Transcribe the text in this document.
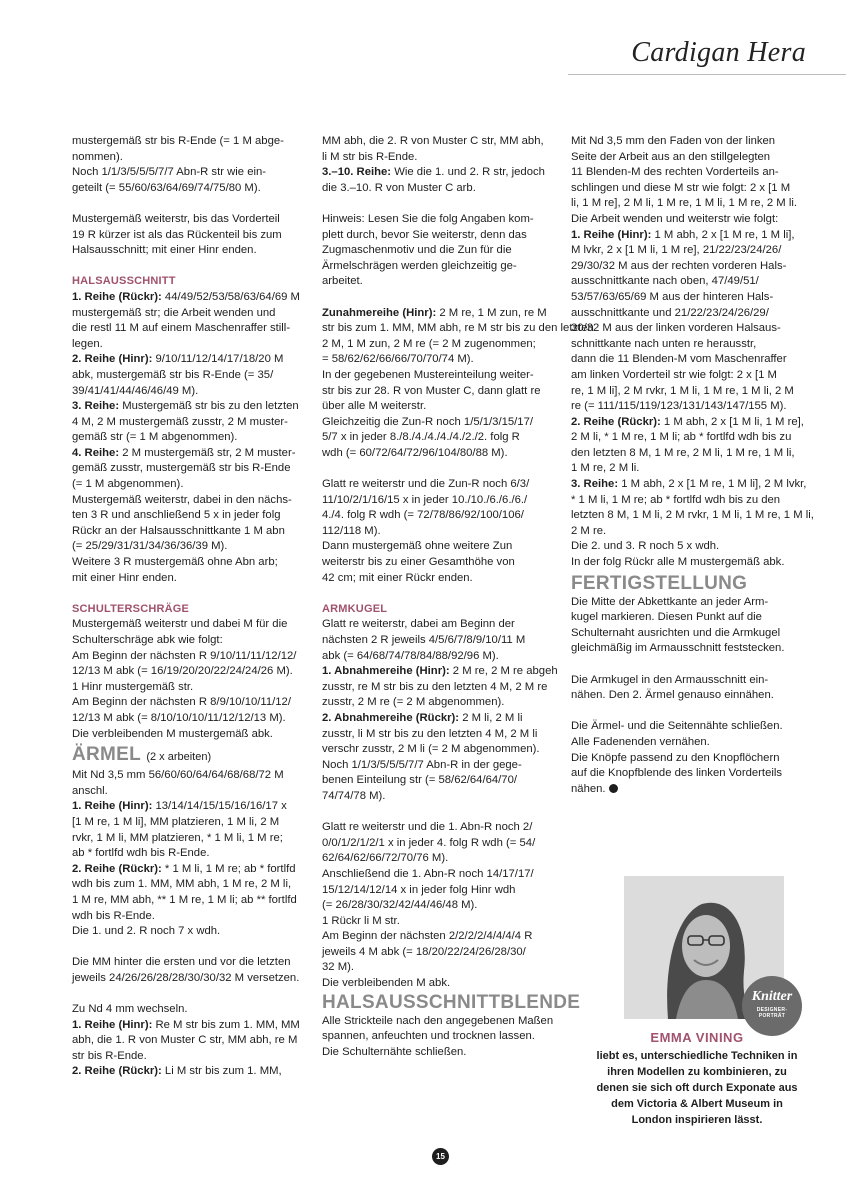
Cardigan Hera
mustergemäß str bis R-Ende (= 1 M abge-
nommen).
Noch 1/1/3/5/5/5/7/7 Abn-R str wie ein-
geteilt (= 55/60/63/64/69/74/75/80 M).
Mustergemäß weiterstr, bis das Vorderteil
19 R kürzer ist als das Rückenteil bis zum
Halsausschnitt; mit einer Hinr enden.
HALSAUSSCHNITT
1. Reihe (Rückr): 44/49/52/53/58/63/64/69 M
mustergemäß str; die Arbeit wenden und
die restl 11 M auf einem Maschenraffer still-
legen.
2. Reihe (Hinr): 9/10/11/12/14/17/18/20 M
abk, mustergemäß str bis R-Ende (= 35/
39/41/41/44/46/46/49 M).
3. Reihe: Mustergemäß str bis zu den letzten
4 M, 2 M mustergemäß zusstr, 2 M muster-
gemäß str (= 1 M abgenommen).
4. Reihe: 2 M mustergemäß str, 2 M muster-
gemäß zusstr, mustergemäß str bis R-Ende
(= 1 M abgenommen).
Mustergemäß weiterstr, dabei in den nächs-
ten 3 R und anschließend 5 x in jeder folg
Rückr an der Halsausschnittkante 1 M abn
(= 25/29/31/31/34/36/36/39 M).
Weitere 3 R mustergemäß ohne Abn arb;
mit einer Hinr enden.
SCHULTERSCHRÄGE
Mustergemäß weiterstr und dabei M für die
Schulterschräge abk wie folgt:
Am Beginn der nächsten R 9/10/11/11/12/12/
12/13 M abk (= 16/19/20/20/22/24/24/26 M).
1 Hinr mustergemäß str.
Am Beginn der nächsten R 8/9/10/10/11/12/
12/13 M abk (= 8/10/10/10/11/12/12/13 M).
Die verbleibenden M mustergemäß abk.
ÄRMEL (2 x arbeiten)
Mit Nd 3,5 mm 56/60/60/64/64/68/68/72 M
anschl.
1. Reihe (Hinr): 13/14/14/15/15/16/16/17 x
[1 M re, 1 M li], MM platzieren, 1 M li, 2 M
rvkr, 1 M li, MM platzieren, * 1 M li, 1 M re;
ab * fortlfd wdh bis R-Ende.
2. Reihe (Rückr): * 1 M li, 1 M re; ab * fortlfd
wdh bis zum 1. MM, MM abh, 1 M re, 2 M li,
1 M re, MM abh, ** 1 M re, 1 M li; ab ** fortlfd
wdh bis R-Ende.
Die 1. und 2. R noch 7 x wdh.
Die MM hinter die ersten und vor die letzten
jeweils 24/26/26/28/28/30/30/32 M versetzen.
Zu Nd 4 mm wechseln.
1. Reihe (Hinr): Re M str bis zum 1. MM, MM
abh, die 1. R von Muster C str, MM abh, re M
str bis R-Ende.
2. Reihe (Rückr): Li M str bis zum 1. MM,
MM abh, die 2. R von Muster C str, MM abh,
li M str bis R-Ende.
3.–10. Reihe: Wie die 1. und 2. R str, jedoch
die 3.–10. R von Muster C arb.
Hinweis: Lesen Sie die folg Angaben kom-
plett durch, bevor Sie weiterstr, denn das
Zugmaschenmotiv und die Zun für die
Ärmelschrägen werden gleichzeitig ge-
arbeitet.
Zunahmereihe (Hinr): 2 M re, 1 M zun, re M
str bis zum 1. MM, MM abh, re M str bis zu den letzten
2 M, 1 M zun, 2 M re (= 2 M zugenommen;
= 58/62/62/66/66/70/70/74 M).
In der gegebenen Mustereinteilung weiter-
str bis zur 28. R von Muster C, dann glatt re
über alle M weiterstr.
Gleichzeitig die Zun-R noch 1/5/1/3/15/17/
5/7 x in jeder 8./8./4./4./4./4./2./2. folg R
wdh (= 60/72/64/72/96/104/80/88 M).
Glatt re weiterstr und die Zun-R noch 6/3/
11/10/2/1/16/15 x in jeder 10./10./6./6./6./
4./4. folg R wdh (= 72/78/86/92/100/106/
112/118 M).
Dann mustergemäß ohne weitere Zun
weiterstr bis zu einer Gesamthöhe von
42 cm; mit einer Rückr enden.
ARMKUGEL
Glatt re weiterstr, dabei am Beginn der
nächsten 2 R jeweils 4/5/6/7/8/9/10/11 M
abk (= 64/68/74/78/84/88/92/96 M).
1. Abnahmereihe (Hinr): 2 M re, 2 M re abgeh
zusstr, re M str bis zu den letzten 4 M, 2 M re
zusstr, 2 M re (= 2 M abgenommen).
2. Abnahmereihe (Rückr): 2 M li, 2 M li
zusstr, li M str bis zu den letzten 4 M, 2 M li
verschr zusstr, 2 M li (= 2 M abgenommen).
Noch 1/1/3/5/5/5/7/7 Abn-R in der gege-
benen Einteilung str (= 58/62/64/64/70/
74/74/78 M).
Glatt re weiterstr und die 1. Abn-R noch 2/
0/0/1/2/1/2/1 x in jeder 4. folg R wdh (= 54/
62/64/62/66/72/70/76 M).
Anschließend die 1. Abn-R noch 14/17/17/
15/12/14/12/14 x in jeder folg Hinr wdh
(= 26/28/30/32/42/44/46/48 M).
1 Rückr li M str.
Am Beginn der nächsten 2/2/2/2/4/4/4/4 R
jeweils 4 M abk (= 18/20/22/24/26/28/30/
32 M).
Die verbleibenden M abk.
HALSAUSSCHNITTBLENDE
Alle Strickteile nach den angegebenen Maßen
spannen, anfeuchten und trocknen lassen.
Die Schulternähte schließen.
Mit Nd 3,5 mm den Faden von der linken
Seite der Arbeit aus an den stillgelegten
11 Blenden-M des rechten Vorderteils an-
schlingen und diese M str wie folgt: 2 x [1 M
li, 1 M re], 2 M li, 1 M re, 1 M li, 1 M re, 2 M li.
Die Arbeit wenden und weiterstr wie folgt:
1. Reihe (Hinr): 1 M abh, 2 x [1 M re, 1 M li],
M lvkr, 2 x [1 M li, 1 M re], 21/22/23/24/26/
29/30/32 M aus der rechten vorderen Hals-
ausschnittkante nach oben, 47/49/51/
53/57/63/65/69 M aus der hinteren Hals-
ausschnittkante und 21/22/23/24/26/29/
30/32 M aus der linken vorderen Halsaus-
schnittkante nach unten re herausstr,
dann die 11 Blenden-M vom Maschenraffer
am linken Vorderteil str wie folgt: 2 x [1 M
re, 1 M li], 2 M rvkr, 1 M li, 1 M re, 1 M li, 2 M
re (= 111/115/119/123/131/143/147/155 M).
2. Reihe (Rückr): 1 M abh, 2 x [1 M li, 1 M re],
2 M li, * 1 M re, 1 M li; ab * fortlfd wdh bis zu
den letzten 8 M, 1 M re, 2 M li, 1 M re, 1 M li,
1 M re, 2 M li.
3. Reihe: 1 M abh, 2 x [1 M re, 1 M li], 2 M lvkr,
* 1 M li, 1 M re; ab * fortlfd wdh bis zu den
letzten 8 M, 1 M li, 2 M rvkr, 1 M li, 1 M re, 1 M li,
2 M re.
Die 2. und 3. R noch 5 x wdh.
In der folg Rückr alle M mustergemäß abk.
FERTIGSTELLUNG
Die Mitte der Abkettkante an jeder Arm-
kugel markieren. Diesen Punkt auf die
Schulternaht ausrichten und die Armkugel
gleichmäßig im Armausschnitt feststecken.
Die Armkugel in den Armausschnitt ein-
nähen. Den 2. Ärmel genauso einnähen.
Die Ärmel- und die Seitennähte schließen.
Alle Fadenenden vernähen.
Die Knöpfe passend zu den Knopflöchern
auf die Knopfblende des linken Vorderteils
nähen.
Knitter
DESIGNER-
PORTRÄT
EMMA VINING
liebt es, unterschiedliche Techniken in
ihren Modellen zu kombinieren, zu
denen sie sich oft durch Exponate aus
dem Victoria & Albert Museum in
London inspirieren lässt.
15
